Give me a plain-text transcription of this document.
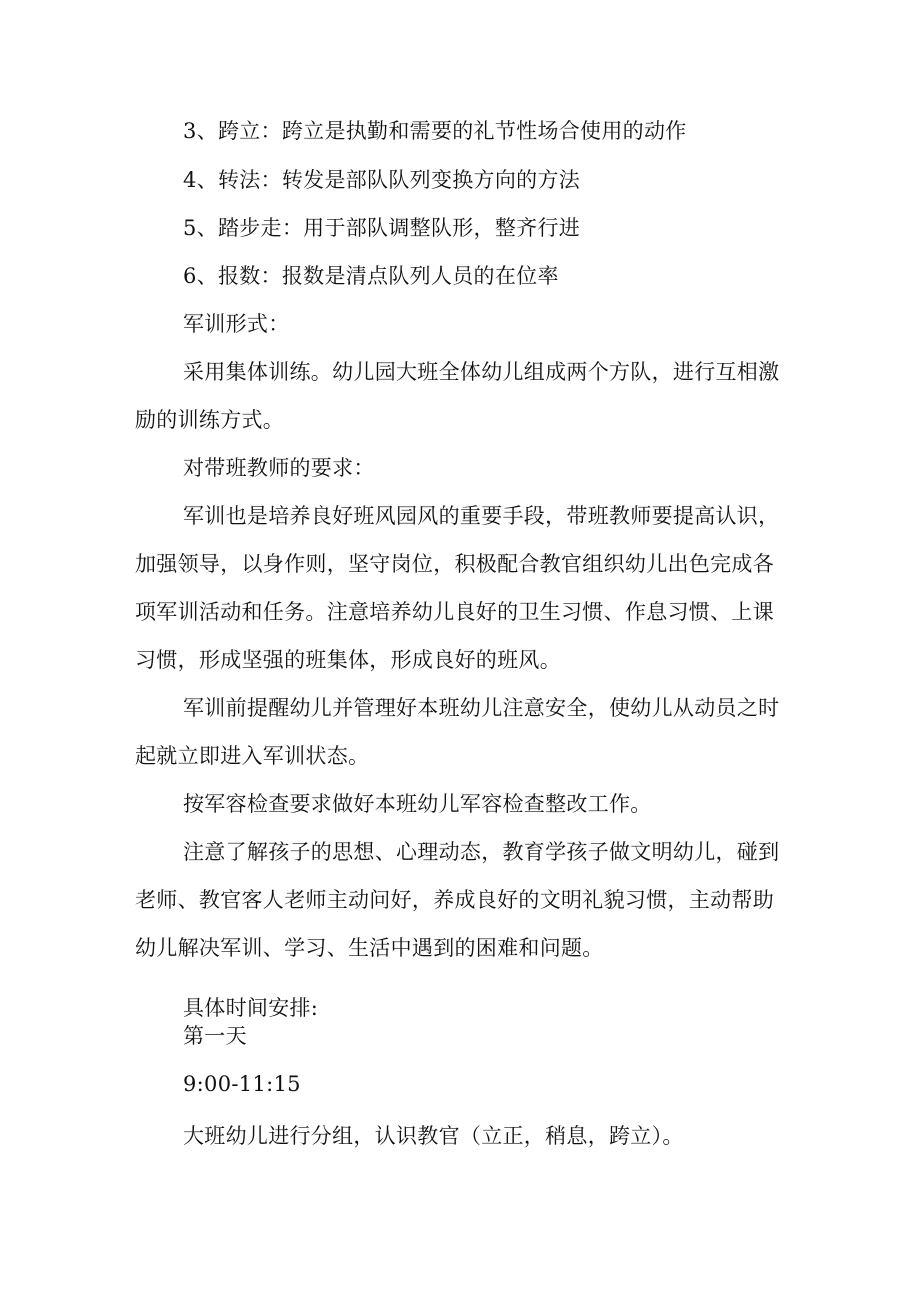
3、跨立：跨立是执勤和需要的礼节性场合使用的动作
4、转法：转发是部队队列变换方向的方法
5、踏步走：用于部队调整队形，整齐行进
6、报数：报数是清点队列人员的在位率
军训形式：
采用集体训练。幼儿园大班全体幼儿组成两个方队，进行互相激
励的训练方式。
对带班教师的要求：
军训也是培养良好班风园风的重要手段，带班教师要提高认识，
加强领导，以身作则，坚守岗位，积极配合教官组织幼儿出色完成各
项军训活动和任务。注意培养幼儿良好的卫生习惯、作息习惯、上课
习惯，形成坚强的班集体，形成良好的班风。
军训前提醒幼儿并管理好本班幼儿注意安全，使幼儿从动员之时
起就立即进入军训状态。
按军容检查要求做好本班幼儿军容检查整改工作。
注意了解孩子的思想、心理动态，教育学孩子做文明幼儿，碰到
老师、教官客人老师主动问好，养成良好的文明礼貌习惯，主动帮助
幼儿解决军训、学习、生活中遇到的困难和问题。
具体时间安排:
第一天
9:00-11:15
大班幼儿进行分组，认识教官（立正，稍息，跨立）。
